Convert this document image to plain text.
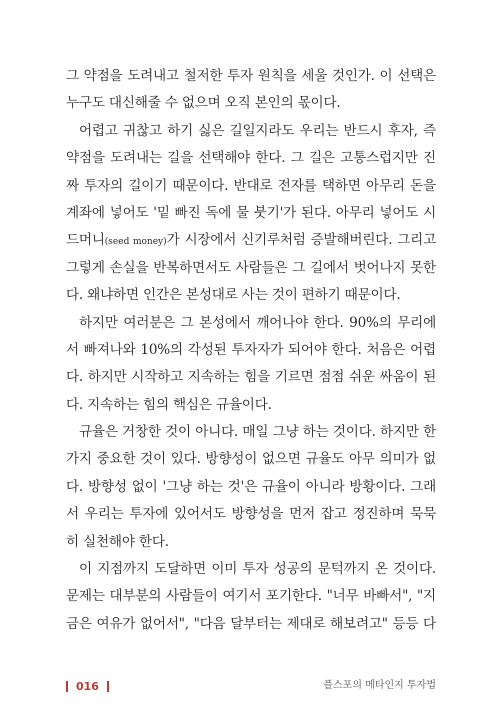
그 약점을 도려내고 철저한 투자 원칙을 세울 것인가. 이 선택은
누구도 대신해줄 수 없으며 오직 본인의 몫이다.
어렵고 귀찮고 하기 싫은 길일지라도 우리는 반드시 후자, 즉
약점을 도려내는 길을 선택해야 한다. 그 길은 고통스럽지만 진
짜 투자의 길이기 때문이다. 반대로 전자를 택하면 아무리 돈을
계좌에 넣어도 '밑 빠진 독에 물 붓기'가 된다. 아무리 넣어도 시
드머니(seed money)가 시장에서 신기루처럼 증발해버린다. 그리고
그렇게 손실을 반복하면서도 사람들은 그 길에서 벗어나지 못한
다. 왜냐하면 인간은 본성대로 사는 것이 편하기 때문이다.
하지만 여러분은 그 본성에서 깨어나야 한다. 90%의 무리에
서 빠져나와 10%의 각성된 투자자가 되어야 한다. 처음은 어렵
다. 하지만 시작하고 지속하는 힘을 기르면 점점 쉬운 싸움이 된
다. 지속하는 힘의 핵심은 규율이다.
규율은 거창한 것이 아니다. 매일 그냥 하는 것이다. 하지만 한
가지 중요한 것이 있다. 방향성이 없으면 규율도 아무 의미가 없
다. 방향성 없이 '그냥 하는 것'은 규율이 아니라 방황이다. 그래
서 우리는 투자에 있어서도 방향성을 먼저 잡고 정진하며 묵묵
히 실천해야 한다.
이 지점까지 도달하면 이미 투자 성공의 문턱까지 온 것이다.
문제는 대부분의 사람들이 여기서 포기한다. "너무 바빠서", "지
금은 여유가 없어서", "다음 달부터는 제대로 해보려고" 등등 다
016	플스포의 메타인지 투자법
